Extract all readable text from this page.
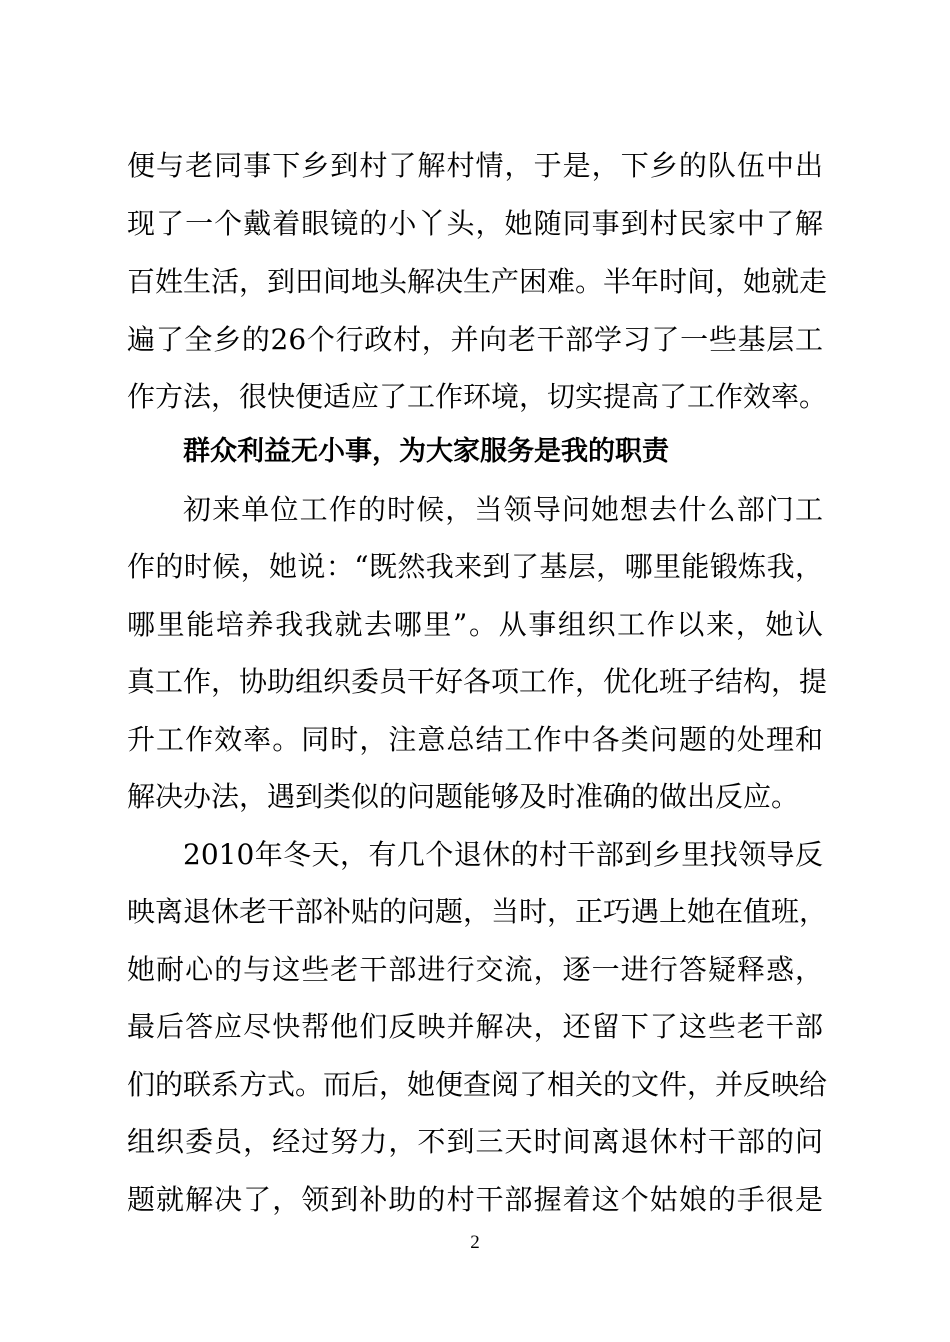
便与老同事下乡到村了解村情，于是，下乡的队伍中出
现了一个戴着眼镜的小丫头，她随同事到村民家中了解
百姓生活，到田间地头解决生产困难。半年时间，她就走
遍了全乡的26个行政村，并向老干部学习了一些基层工
作方法，很快便适应了工作环境，切实提高了工作效率。
群众利益无小事，为大家服务是我的职责
初来单位工作的时候，当领导问她想去什么部门工
作的时候，她说：“既然我来到了基层，哪里能锻炼我，
哪里能培养我我就去哪里”。从事组织工作以来，她认
真工作，协助组织委员干好各项工作，优化班子结构，提
升工作效率。同时，注意总结工作中各类问题的处理和
解决办法，遇到类似的问题能够及时准确的做出反应。
2010年冬天，有几个退休的村干部到乡里找领导反
映离退休老干部补贴的问题，当时，正巧遇上她在值班，
她耐心的与这些老干部进行交流，逐一进行答疑释惑，
最后答应尽快帮他们反映并解决，还留下了这些老干部
们的联系方式。而后，她便查阅了相关的文件，并反映给
组织委员，经过努力，不到三天时间离退休村干部的问
题就解决了，领到补助的村干部握着这个姑娘的手很是
2
